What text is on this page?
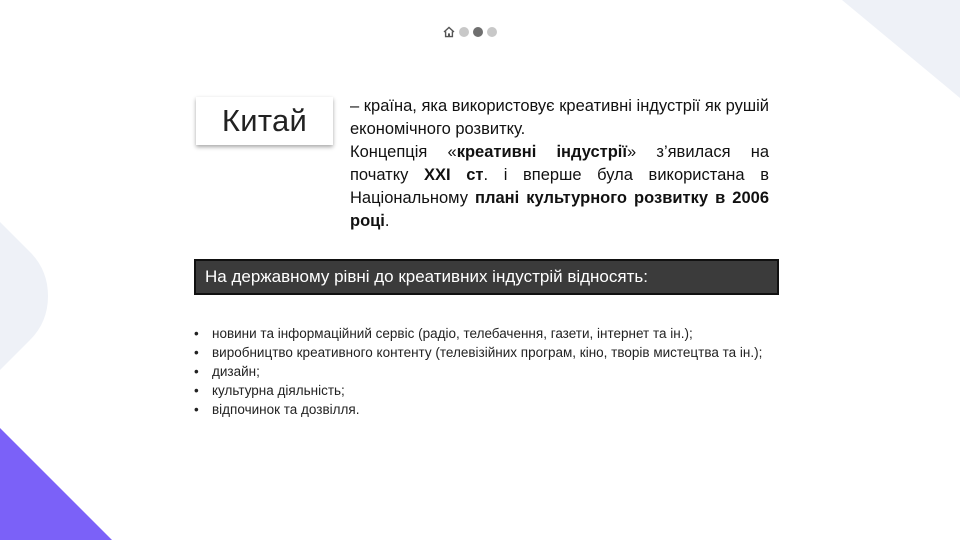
Китай	– країна, яка використовує креативні індустрії як рушій економічного розвитку.

Концепція «креативні індустрії» з’явилася на початку XXI ст. і вперше була використана в Національному плані культурного розвитку в 2006 році.

На державному рівні до креативних індустрій відносять:
• новини та інформаційний сервіс (радіо, телебачення, газети, інтернет та ін.);
• виробництво креативного контенту (телевізійних програм, кіно, творів мистецтва та ін.);
• дизайн;
• культурна діяльність;
• відпочинок та дозвілля.
